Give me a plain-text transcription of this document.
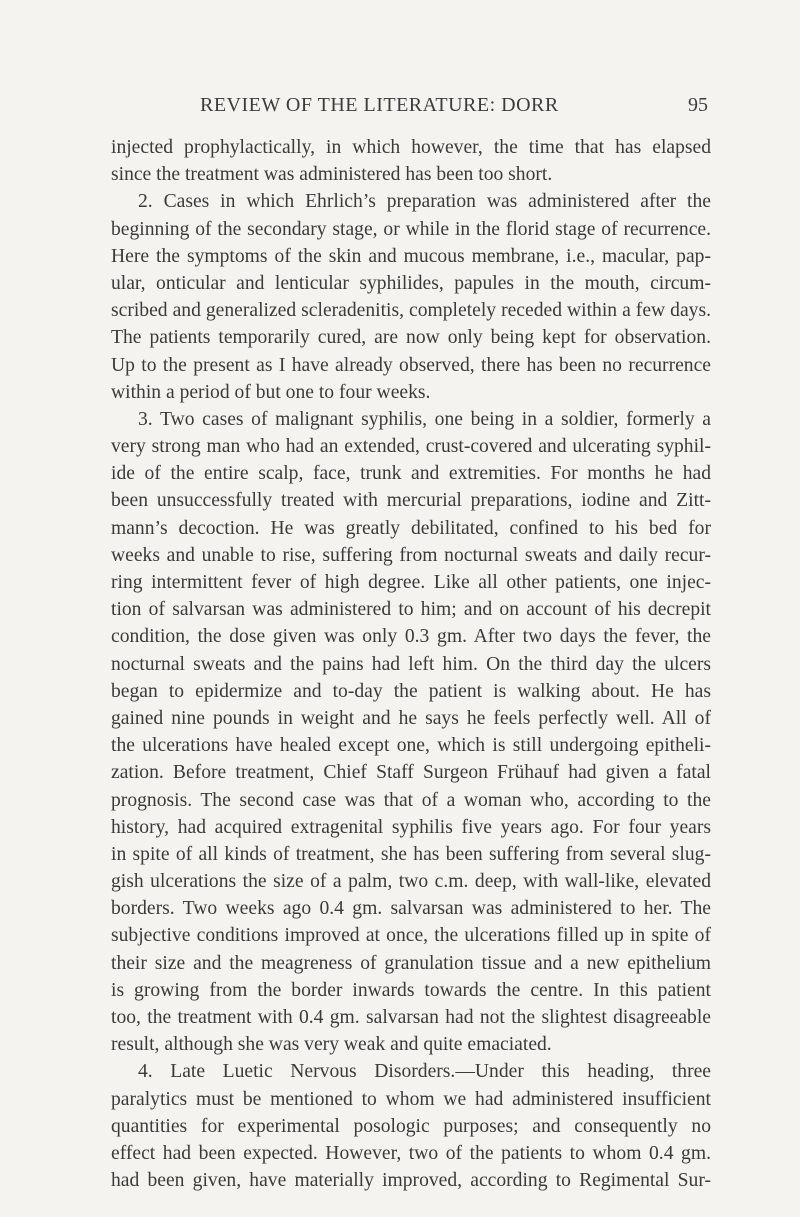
REVIEW OF THE LITERATURE: DORR	95
injected prophylactically, in which however, the time that has elapsed
since the treatment was administered has been too short.
2. Cases in which Ehrlich’s preparation was administered after the
beginning of the secondary stage, or while in the florid stage of recurrence.
Here the symptoms of the skin and mucous membrane, i.e., macular, pap-
ular, onticular and lenticular syphilides, papules in the mouth, circum-
scribed and generalized scleradenitis, completely receded within a few days.
The patients temporarily cured, are now only being kept for observation.
Up to the present as I have already observed, there has been no recurrence
within a period of but one to four weeks.
3. Two cases of malignant syphilis, one being in a soldier, formerly a
very strong man who had an extended, crust-covered and ulcerating syphil-
ide of the entire scalp, face, trunk and extremities. For months he had
been unsuccessfully treated with mercurial preparations, iodine and Zitt-
mann’s decoction. He was greatly debilitated, confined to his bed for
weeks and unable to rise, suffering from nocturnal sweats and daily recur-
ring intermittent fever of high degree. Like all other patients, one injec-
tion of salvarsan was administered to him; and on account of his decrepit
condition, the dose given was only 0.3 gm. After two days the fever, the
nocturnal sweats and the pains had left him. On the third day the ulcers
began to epidermize and to-day the patient is walking about. He has
gained nine pounds in weight and he says he feels perfectly well. All of
the ulcerations have healed except one, which is still undergoing epitheli-
zation. Before treatment, Chief Staff Surgeon Frühauf had given a fatal
prognosis. The second case was that of a woman who, according to the
history, had acquired extragenital syphilis five years ago. For four years
in spite of all kinds of treatment, she has been suffering from several slug-
gish ulcerations the size of a palm, two c.m. deep, with wall-like, elevated
borders. Two weeks ago 0.4 gm. salvarsan was administered to her. The
subjective conditions improved at once, the ulcerations filled up in spite of
their size and the meagreness of granulation tissue and a new epithelium
is growing from the border inwards towards the centre. In this patient
too, the treatment with 0.4 gm. salvarsan had not the slightest disagreeable
result, although she was very weak and quite emaciated.
4. Late Luetic Nervous Disorders.—Under this heading, three
paralytics must be mentioned to whom we had administered insufficient
quantities for experimental posologic purposes; and consequently no
effect had been expected. However, two of the patients to whom 0.4 gm.
had been given, have materially improved, according to Regimental Sur-
